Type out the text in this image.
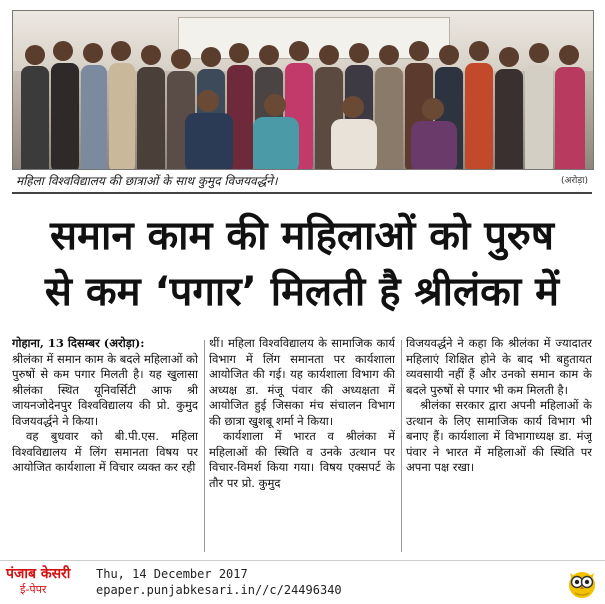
महिला विश्वविद्यालय की छात्राओं के साथ कुमुद विजयवर्द्धने।	(अरोड़ा)
समान काम की महिलाओं को पुरुष
से कम ‘पगार’ मिलती है श्रीलंका में

गोहाना, 13 दिसम्बर (अरोड़ा):

श्रीलंका में समान काम के बदले महिलाओं को पुरुषों से कम पगार मिलती है। यह खुलासा श्रीलंका स्थित यूनिवर्सिटी आफ श्री जायनजोदेनपुर विश्वविद्यालय की प्रो. कुमुद विजयवर्द्धने ने किया।

वह बुधवार को बी.पी.एस. महिला विश्वविद्यालय में लिंग समानता विषय पर आयोजित कार्यशाला में विचार व्यक्त कर रही

थीं। महिला विश्वविद्यालय के सामाजिक कार्य विभाग में लिंग समानता पर कार्यशाला आयोजित की गई। यह कार्यशाला विभाग की अध्यक्ष डा. मंजू पंवार की अध्यक्षता में आयोजित हुई जिसका मंच संचालन विभाग की छात्रा खुशबू शर्मा ने किया।

कार्यशाला में भारत व श्रीलंका में महिलाओं की स्थिति व उनके उत्थान पर विचार-विमर्श किया गया। विषय एक्सपर्ट के तौर पर प्रो. कुमुद

विजयवर्द्धने ने कहा कि श्रीलंका में ज्यादातर महिलाएं शिक्षित होने के बाद भी बहुतायत व्यवसायी नहीं हैं और उनको समान काम के बदले पुरुषों से पगार भी कम मिलती है।

श्रीलंका सरकार द्वारा अपनी महिलाओं के उत्थान के लिए सामाजिक कार्य विभाग भी बनाए हैं। कार्यशाला में विभागाध्यक्ष डा. मंजू पंवार ने भारत में महिलाओं की स्थिति पर अपना पक्ष रखा।

पंजाब केसरी
ई-पेपर
Thu, 14 December 2017
epaper.punjabkesari.in//c/24496340
